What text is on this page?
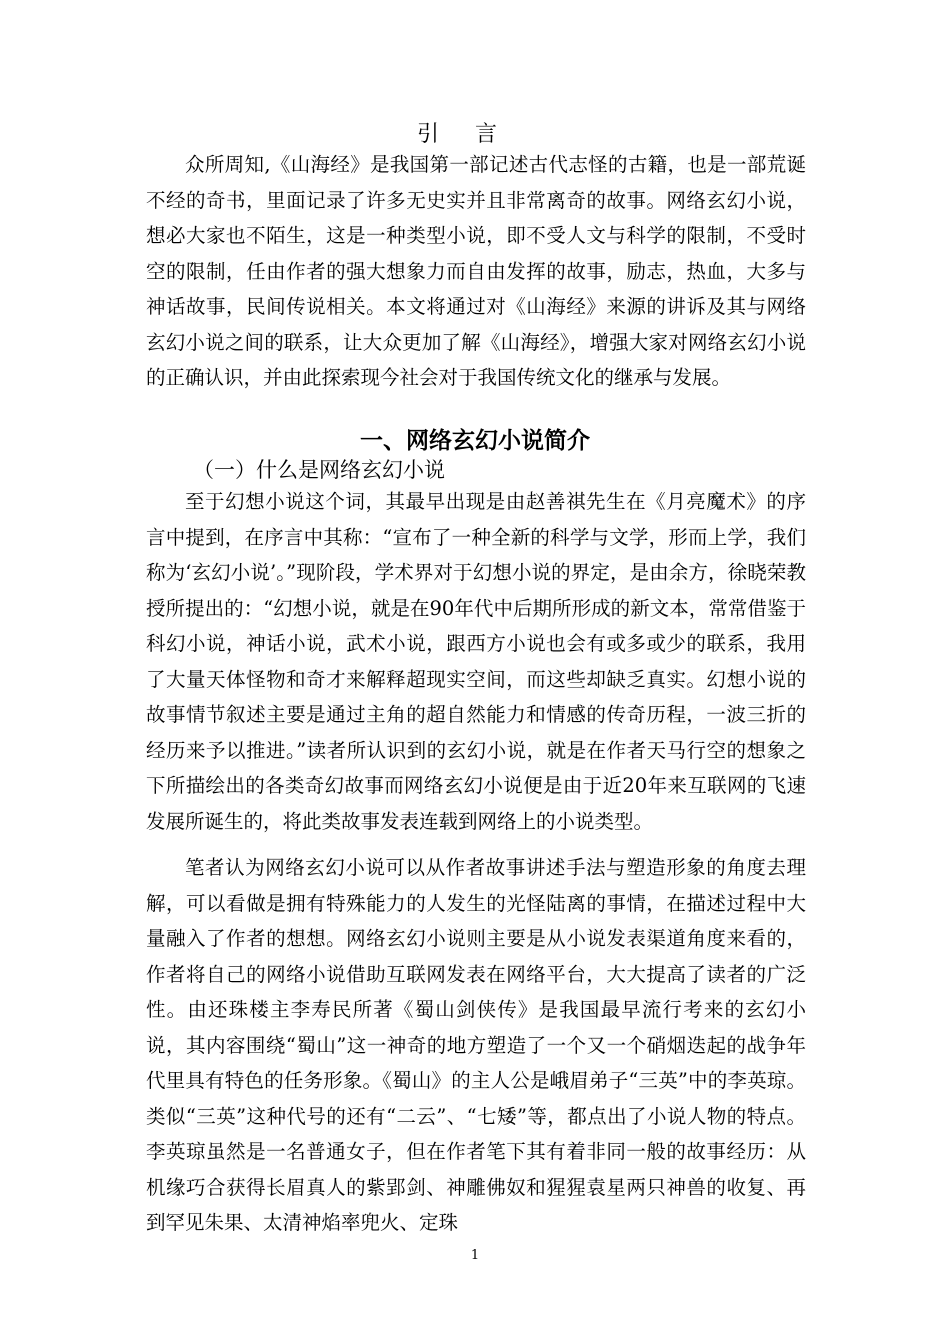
引言

众所周知,《山海经》是我国第一部记述古代志怪的古籍，也是一部荒诞不经的奇书，里面记录了许多无史实并且非常离奇的故事。网络玄幻小说，想必大家也不陌生，这是一种类型小说，即不受人文与科学的限制，不受时空的限制，任由作者的强大想象力而自由发挥的故事，励志，热血，大多与神话故事，民间传说相关。本文将通过对《山海经》来源的讲诉及其与网络玄幻小说之间的联系，让大众更加了解《山海经》，增强大家对网络玄幻小说的正确认识，并由此探索现今社会对于我国传统文化的继承与发展。

一、网络玄幻小说简介
（一）什么是网络玄幻小说

至于幻想小说这个词，其最早出现是由赵善祺先生在《月亮魔术》的序言中提到，在序言中其称：“宣布了一种全新的科学与文学，形而上学，我们称为‘玄幻小说’。”现阶段，学术界对于幻想小说的界定，是由余方，徐晓荣教授所提出的：“幻想小说，就是在90年代中后期所形成的新文本，常常借鉴于科幻小说，神话小说，武术小说，跟西方小说也会有或多或少的联系，我用了大量天体怪物和奇才来解释超现实空间，而这些却缺乏真实。幻想小说的故事情节叙述主要是通过主角的超自然能力和情感的传奇历程，一波三折的经历来予以推进。”读者所认识到的玄幻小说，就是在作者天马行空的想象之下所描绘出的各类奇幻故事而网络玄幻小说便是由于近20年来互联网的飞速发展所诞生的，将此类故事发表连载到网络上的小说类型。

笔者认为网络玄幻小说可以从作者故事讲述手法与塑造形象的角度去理解，可以看做是拥有特殊能力的人发生的光怪陆离的事情，在描述过程中大量融入了作者的想想。网络玄幻小说则主要是从小说发表渠道角度来看的，作者将自己的网络小说借助互联网发表在网络平台，大大提高了读者的广泛性。由还珠楼主李寿民所著《蜀山剑侠传》是我国最早流行考来的玄幻小说，其内容围绕“蜀山”这一神奇的地方塑造了一个又一个硝烟迭起的战争年代里具有特色的任务形象。《蜀山》的主人公是峨眉弟子“三英”中的李英琼。类似“三英”这种代号的还有“二云”、“七矮”等，都点出了小说人物的特点。李英琼虽然是一名普通女子，但在作者笔下其有着非同一般的故事经历：从机缘巧合获得长眉真人的紫郢剑、神雕佛奴和猩猩袁星两只神兽的收复、再到罕见朱果、太清神焰率兜火、定珠

1
